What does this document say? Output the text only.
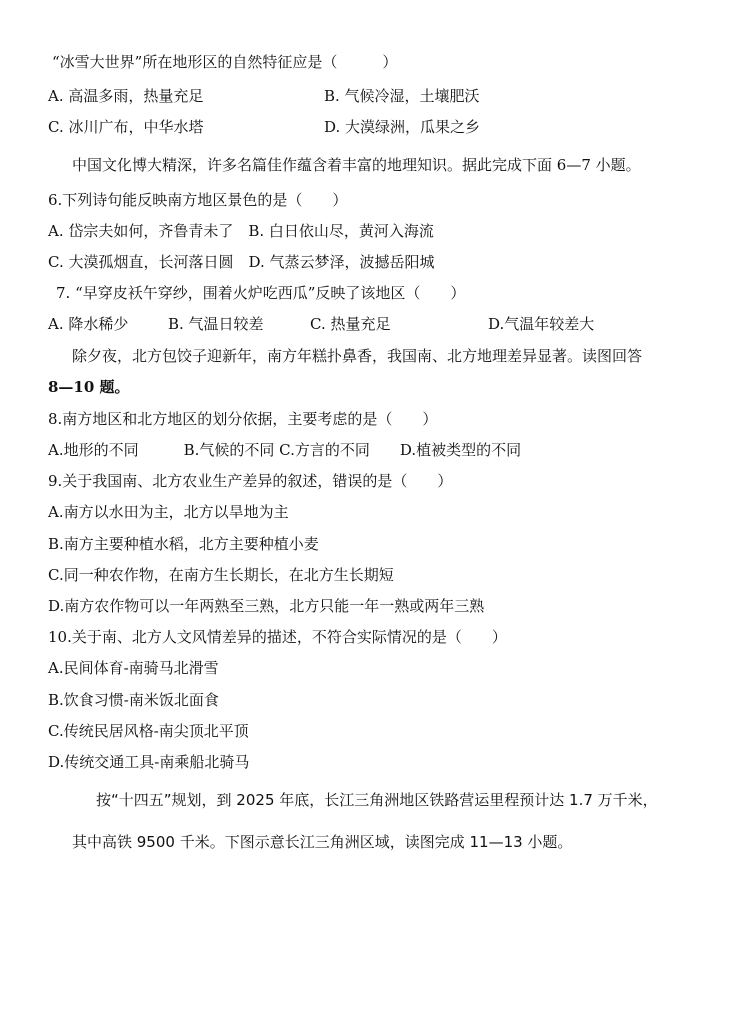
“冰雪大世界”所在地形区的自然特征应是（　　　）
A. 高温多雨，热量充足	B. 气候冷湿，土壤肥沃
C. 冰川广布，中华水塔	D. 大漠绿洲，瓜果之乡
中国文化博大精深，许多名篇佳作蕴含着丰富的地理知识。据此完成下面 6—7 小题。
6.下列诗句能反映南方地区景色的是（　　）
A. 岱宗夫如何，齐鲁青未了　B. 白日依山尽，黄河入海流
C. 大漠孤烟直，长河落日圆　D. 气蒸云梦泽，波撼岳阳城
7. “早穿皮袄午穿纱，围着火炉吃西瓜”反映了该地区（　　）
A. 降水稀少	B. 气温日较差	C. 热量充足	D.气温年较差大
除夕夜，北方包饺子迎新年，南方年糕扑鼻香，我国南、北方地理差异显著。读图回答
8—10 题。
8.南方地区和北方地区的划分依据，主要考虑的是（　　）
A.地形的不同　　　B.气候的不同 C.方言的不同　　D.植被类型的不同
9.关于我国南、北方农业生产差异的叙述，错误的是（　　）
A.南方以水田为主，北方以旱地为主
B.南方主要种植水稻，北方主要种植小麦
C.同一种农作物，在南方生长期长，在北方生长期短
D.南方农作物可以一年两熟至三熟，北方只能一年一熟或两年三熟
10.关于南、北方人文风情差异的描述，不符合实际情况的是（　　）
A.民间体育-南骑马北滑雪
B.饮食习惯-南米饭北面食
C.传统民居风格-南尖顶北平顶
D.传统交通工具-南乘船北骑马
按“十四五”规划，到 2025 年底，长江三角洲地区铁路营运里程预计达 1.7 万千米，
其中高铁 9500 千米。下图示意长江三角洲区域，读图完成 11—13 小题。
